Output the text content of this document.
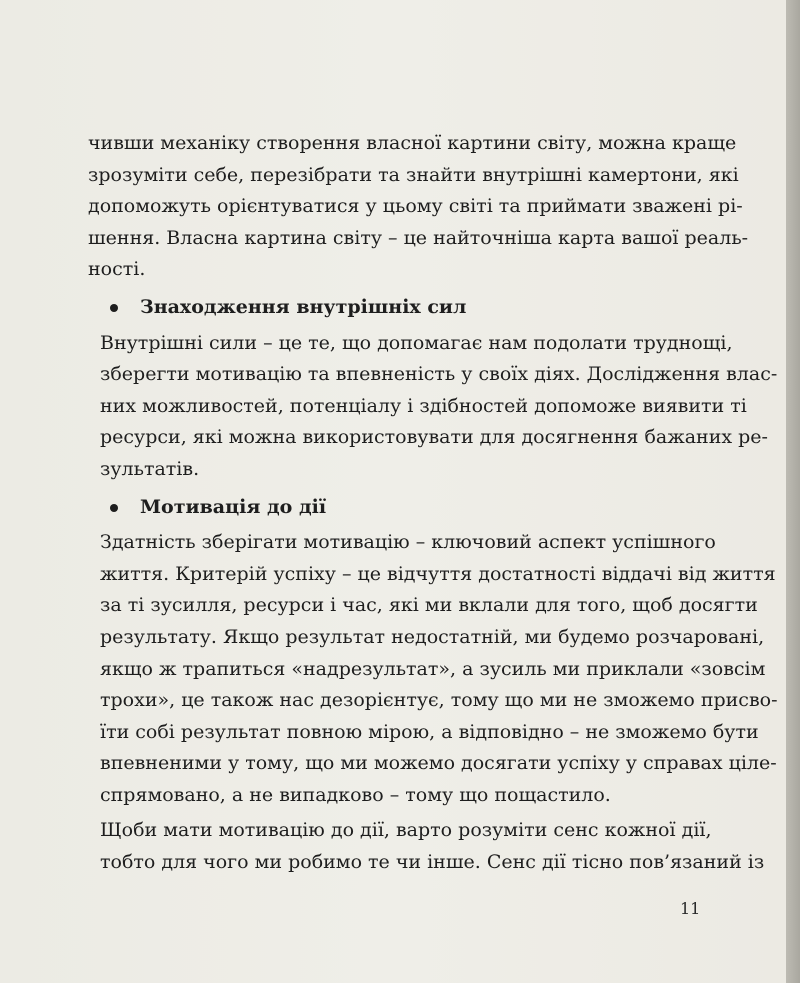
чивши механіку створення власної картини світу, можна краще
зрозуміти себе, перезібрати та знайти внутрішні камертони, які
допоможуть орієнтуватися у цьому світі та приймати зважені рі-
шення. Власна картина світу – це найточніша карта вашої реаль-
ності.

Знаходження внутрішніх сил

Внутрішні сили – це те, що допомагає нам подолати труднощі,
зберегти мотивацію та впевненість у своїх діях. Дослідження влас-
них можливостей, потенціалу і здібностей допоможе виявити ті
ресурси, які можна використовувати для досягнення бажаних ре-
зультатів.

Мотивація до дії

Здатність зберігати мотивацію – ключовий аспект успішного
життя. Критерій успіху – це відчуття достатності віддачі від життя
за ті зусилля, ресурси і час, які ми вклали для того, щоб досягти
результату. Якщо результат недостатній, ми будемо розчаровані,
якщо ж трапиться «надрезультат», а зусиль ми приклали «зовсім
трохи», це також нас дезорієнтує, тому що ми не зможемо присво-
їти собі результат повною мірою, а відповідно – не зможемо бути
впевненими у тому, що ми можемо досягати успіху у справах ціле-
спрямовано, а не випадково – тому що пощастило.

Щоби мати мотивацію до дії, варто розуміти сенс кожної дії,
тобто для чого ми робимо те чи інше. Сенс дії тісно пов’язаний із

11
